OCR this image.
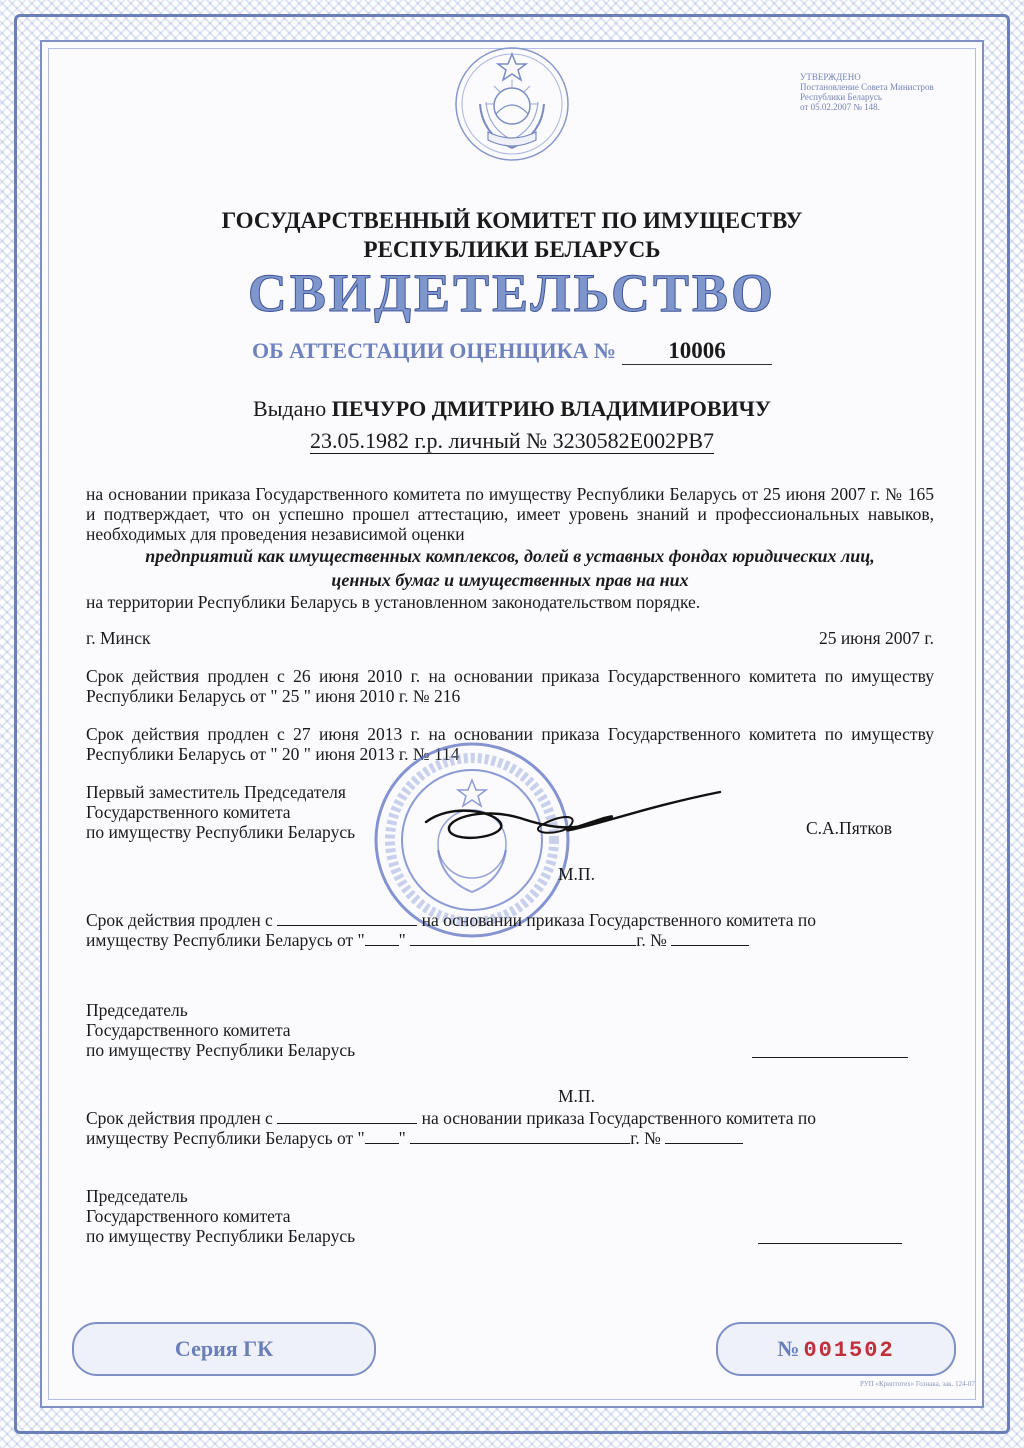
УТВЕРЖДЕНО
Постановление Совета Министров
Республики Беларусь
от 05.02.2007 № 148.
ГОСУДАРСТВЕННЫЙ КОМИТЕТ ПО ИМУЩЕСТВУ
РЕСПУБЛИКИ БЕЛАРУСЬ
СВИДЕТЕЛЬСТВО
ОБ АТТЕСТАЦИИ ОЦЕНЩИКА № 10006
Выдано ПЕЧУРО ДМИТРИЮ ВЛАДИМИРОВИЧУ
23.05.1982 г.р. личный № 3230582Е002РВ7
на основании приказа Государственного комитета по имуществу Республики Беларусь от 25 июня 2007 г. № 165 и подтверждает, что он успешно прошел аттестацию, имеет уровень знаний и профессиональных навыков, необходимых для проведения независимой оценки
предприятий как имущественных комплексов, долей в уставных фондах юридических лиц,
ценных бумаг и имущественных прав на них
на территории Республики Беларусь в установленном законодательством порядке.
г. Минск	25 июня 2007 г.
Срок действия продлен с 26 июня 2010 г. на основании приказа Государственного комитета по имуществу Республики Беларусь от " 25 " июня 2010 г. № 216
Срок действия продлен с 27 июня 2013 г. на основании приказа Государственного комитета по имуществу Республики Беларусь от " 20 " июня 2013 г. № 114
Первый заместитель Председателя
Государственного комитета
по имуществу Республики Беларусь	С.А.Пятков
М.П.
Срок действия продлен с	на основании приказа Государственного комитета по
имуществу Республики Беларусь от " "	г. №
Председатель
Государственного комитета
по имуществу Республики Беларусь
М.П.
Срок действия продлен с	на основании приказа Государственного комитета по
имуществу Республики Беларусь от " "	г. №
Председатель
Государственного комитета
по имуществу Республики Беларусь
Серия ГК	№ 001502
РУП «Криптотех» Гознака, зак. 124-07
